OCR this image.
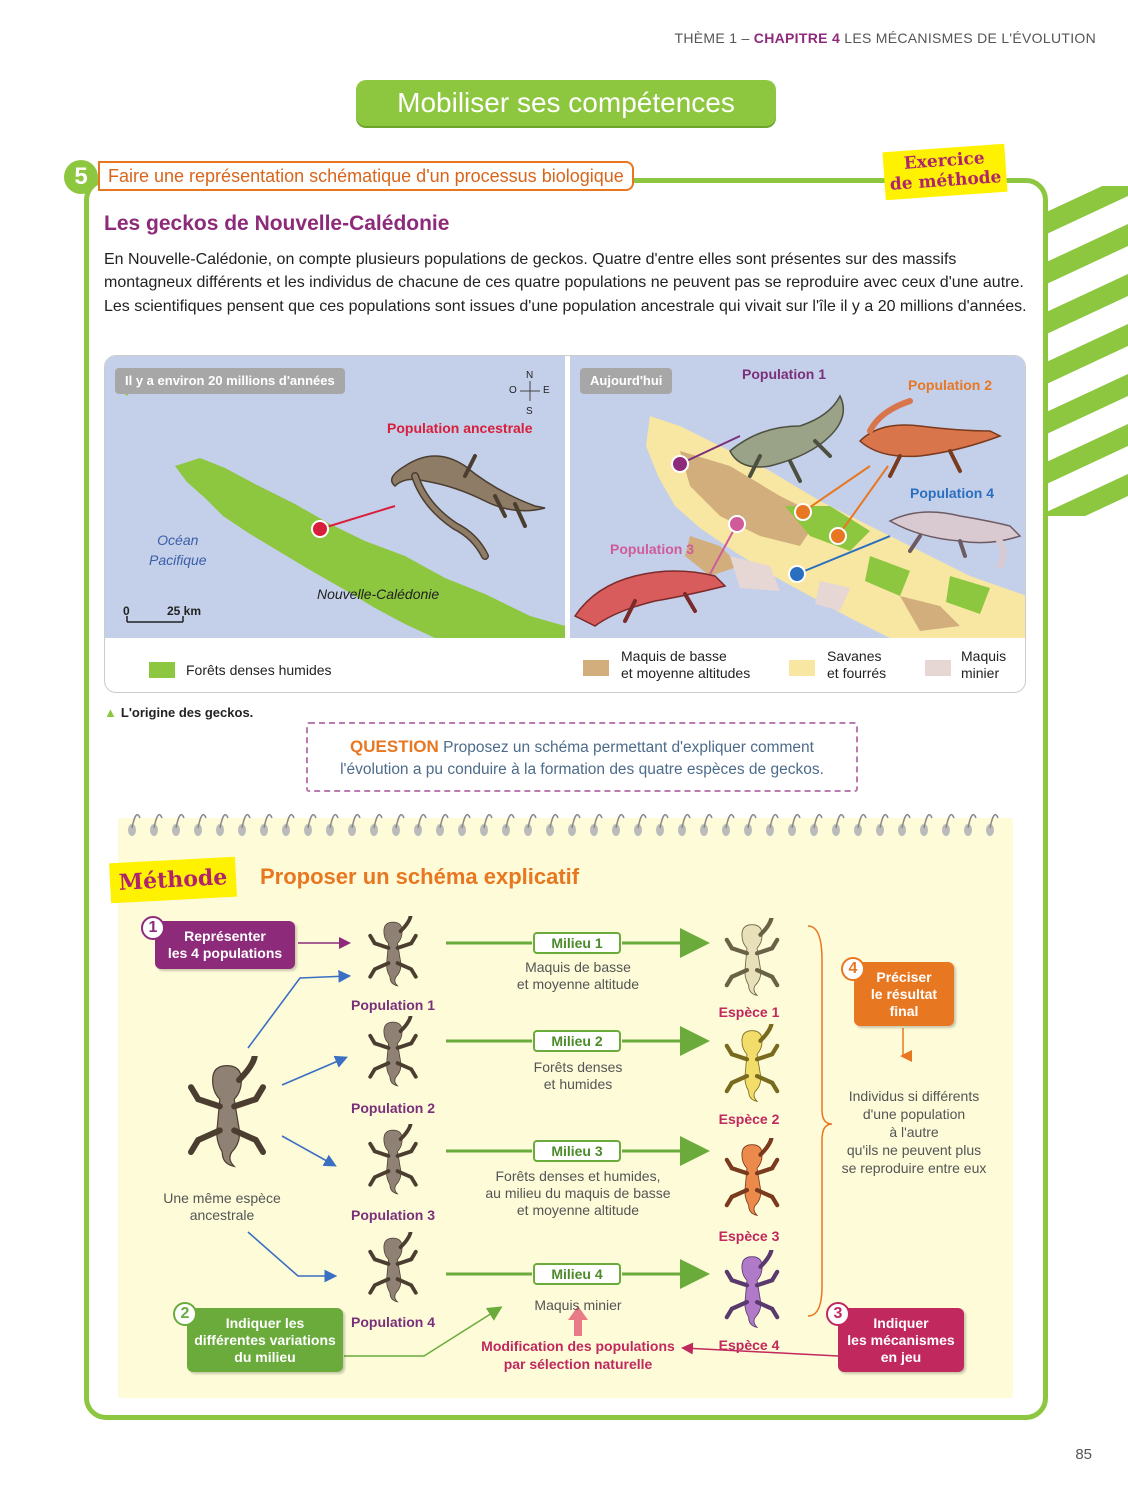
THÈME 1 – CHAPITRE 4 LES MÉCANISMES DE L'ÉVOLUTION
Mobiliser ses compétences
5	Faire une représentation schématique d'un processus biologique
Exercice
de méthode
Les geckos de Nouvelle-Calédonie
En Nouvelle-Calédonie, on compte plusieurs populations de geckos. Quatre d'entre elles sont présentes sur des massifs montagneux différents et les individus de chacune de ces quatre populations ne peuvent pas se reproduire avec ceux d'une autre. Les scientifiques pensent que ces populations sont issues d'une population ancestrale qui vivait sur l'île il y a 20 millions d'années.
Il y a environ 20 millions d'années	N
S
E
O
Population ancestrale
Océan
Pacifique
Nouvelle-Calédonie
0	25 km
Aujourd'hui	Population 1
Population 2
Population 4
Population 3
Forêts denses humides
Maquis de basse
et moyenne altitudes
Savanes
et fourrés
Maquis
minier
▲ L'origine des geckos.
QUESTION Proposez un schéma permettant d'expliquer comment
l'évolution a pu conduire à la formation des quatre espèces de geckos.
Méthode	Proposer un schéma explicatif
Représenter
les 4 populations
1
Indiquer les
différentes variations
du milieu
2
Indiquer
les mécanismes
en jeu
3
Préciser
le résultat
final
4
Une même espèce
ancestrale
Population 1
Population 2
Population 3
Population 4
Espèce 1
Espèce 2
Espèce 3
Espèce 4
Milieu 1
Maquis de basse
et moyenne altitude
Milieu 2
Forêts denses
et humides
Milieu 3
Forêts denses et humides,
au milieu du maquis de basse
et moyenne altitude
Milieu 4
Maquis minier
Modification des populations
par sélection naturelle
Individus si différents
d'une population
à l'autre
qu'ils ne peuvent plus
se reproduire entre eux
85
